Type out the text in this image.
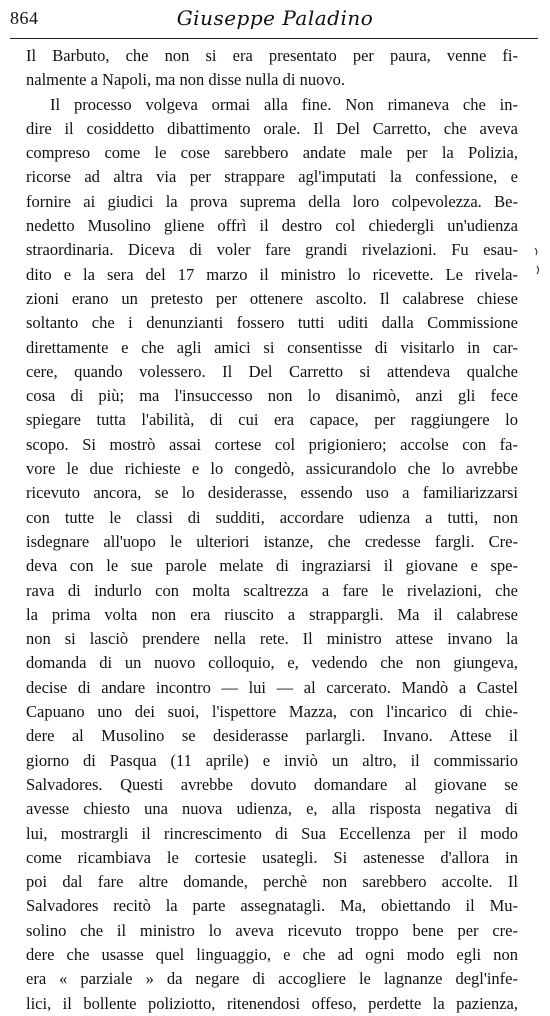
864	Giuseppe Paladino
Il Barbuto, che non si era presentato per paura, venne fi-
nalmente a Napoli, ma non disse nulla di nuovo.
Il processo volgeva ormai alla fine. Non rimaneva che in-
dire il cosiddetto dibattimento orale. Il Del Carretto, che aveva
compreso come le cose sarebbero andate male per la Polizia,
ricorse ad altra via per strappare agl'imputati la confessione, e
fornire ai giudici la prova suprema della loro colpevolezza. Be-
nedetto Musolino gliene offrì il destro col chiedergli un'udienza
straordinaria. Diceva di voler fare grandi rivelazioni. Fu esau-
dito e la sera del 17 marzo il ministro lo ricevette. Le rivela-
zioni erano un pretesto per ottenere ascolto. Il calabrese chiese
soltanto che i denunzianti fossero tutti uditi dalla Commissione
direttamente e che agli amici si consentisse di visitarlo in car-
cere, quando volessero. Il Del Carretto si attendeva qualche
cosa di più; ma l'insuccesso non lo disanimò, anzi gli fece
spiegare tutta l'abilità, di cui era capace, per raggiungere lo
scopo. Si mostrò assai cortese col prigioniero; accolse con fa-
vore le due richieste e lo congedò, assicurandolo che lo avrebbe
ricevuto ancora, se lo desiderasse, essendo uso a familiarizzarsi
con tutte le classi di sudditi, accordare udienza a tutti, non
isdegnare all'uopo le ulteriori istanze, che credesse fargli. Cre-
deva con le sue parole melate di ingraziarsi il giovane e spe-
rava di indurlo con molta scaltrezza a fare le rivelazioni, che
la prima volta non era riuscito a strappargli. Ma il calabrese
non si lasciò prendere nella rete. Il ministro attese invano la
domanda di un nuovo colloquio, e, vedendo che non giungeva,
decise di andare incontro — lui — al carcerato. Mandò a Castel
Capuano uno dei suoi, l'ispettore Mazza, con l'incarico di chie-
dere al Musolino se desiderasse parlargli. Invano. Attese il
giorno di Pasqua (11 aprile) e inviò un altro, il commissario
Salvadores. Questi avrebbe dovuto domandare al giovane se
avesse chiesto una nuova udienza, e, alla risposta negativa di
lui, mostrargli il rincrescimento di Sua Eccellenza per il modo
come ricambiava le cortesie usategli. Si astenesse d'allora in
poi dal fare altre domande, perchè non sarebbero accolte. Il
Salvadores recitò la parte assegnatagli. Ma, obiettando il Mu-
solino che il ministro lo aveva ricevuto troppo bene per cre-
dere che usasse quel linguaggio, e che ad ogni modo egli non
era « parziale » da negare di accogliere le lagnanze degl'infe-
lici, il bollente poliziotto, ritenendosi offeso, perdette la pazienza,
